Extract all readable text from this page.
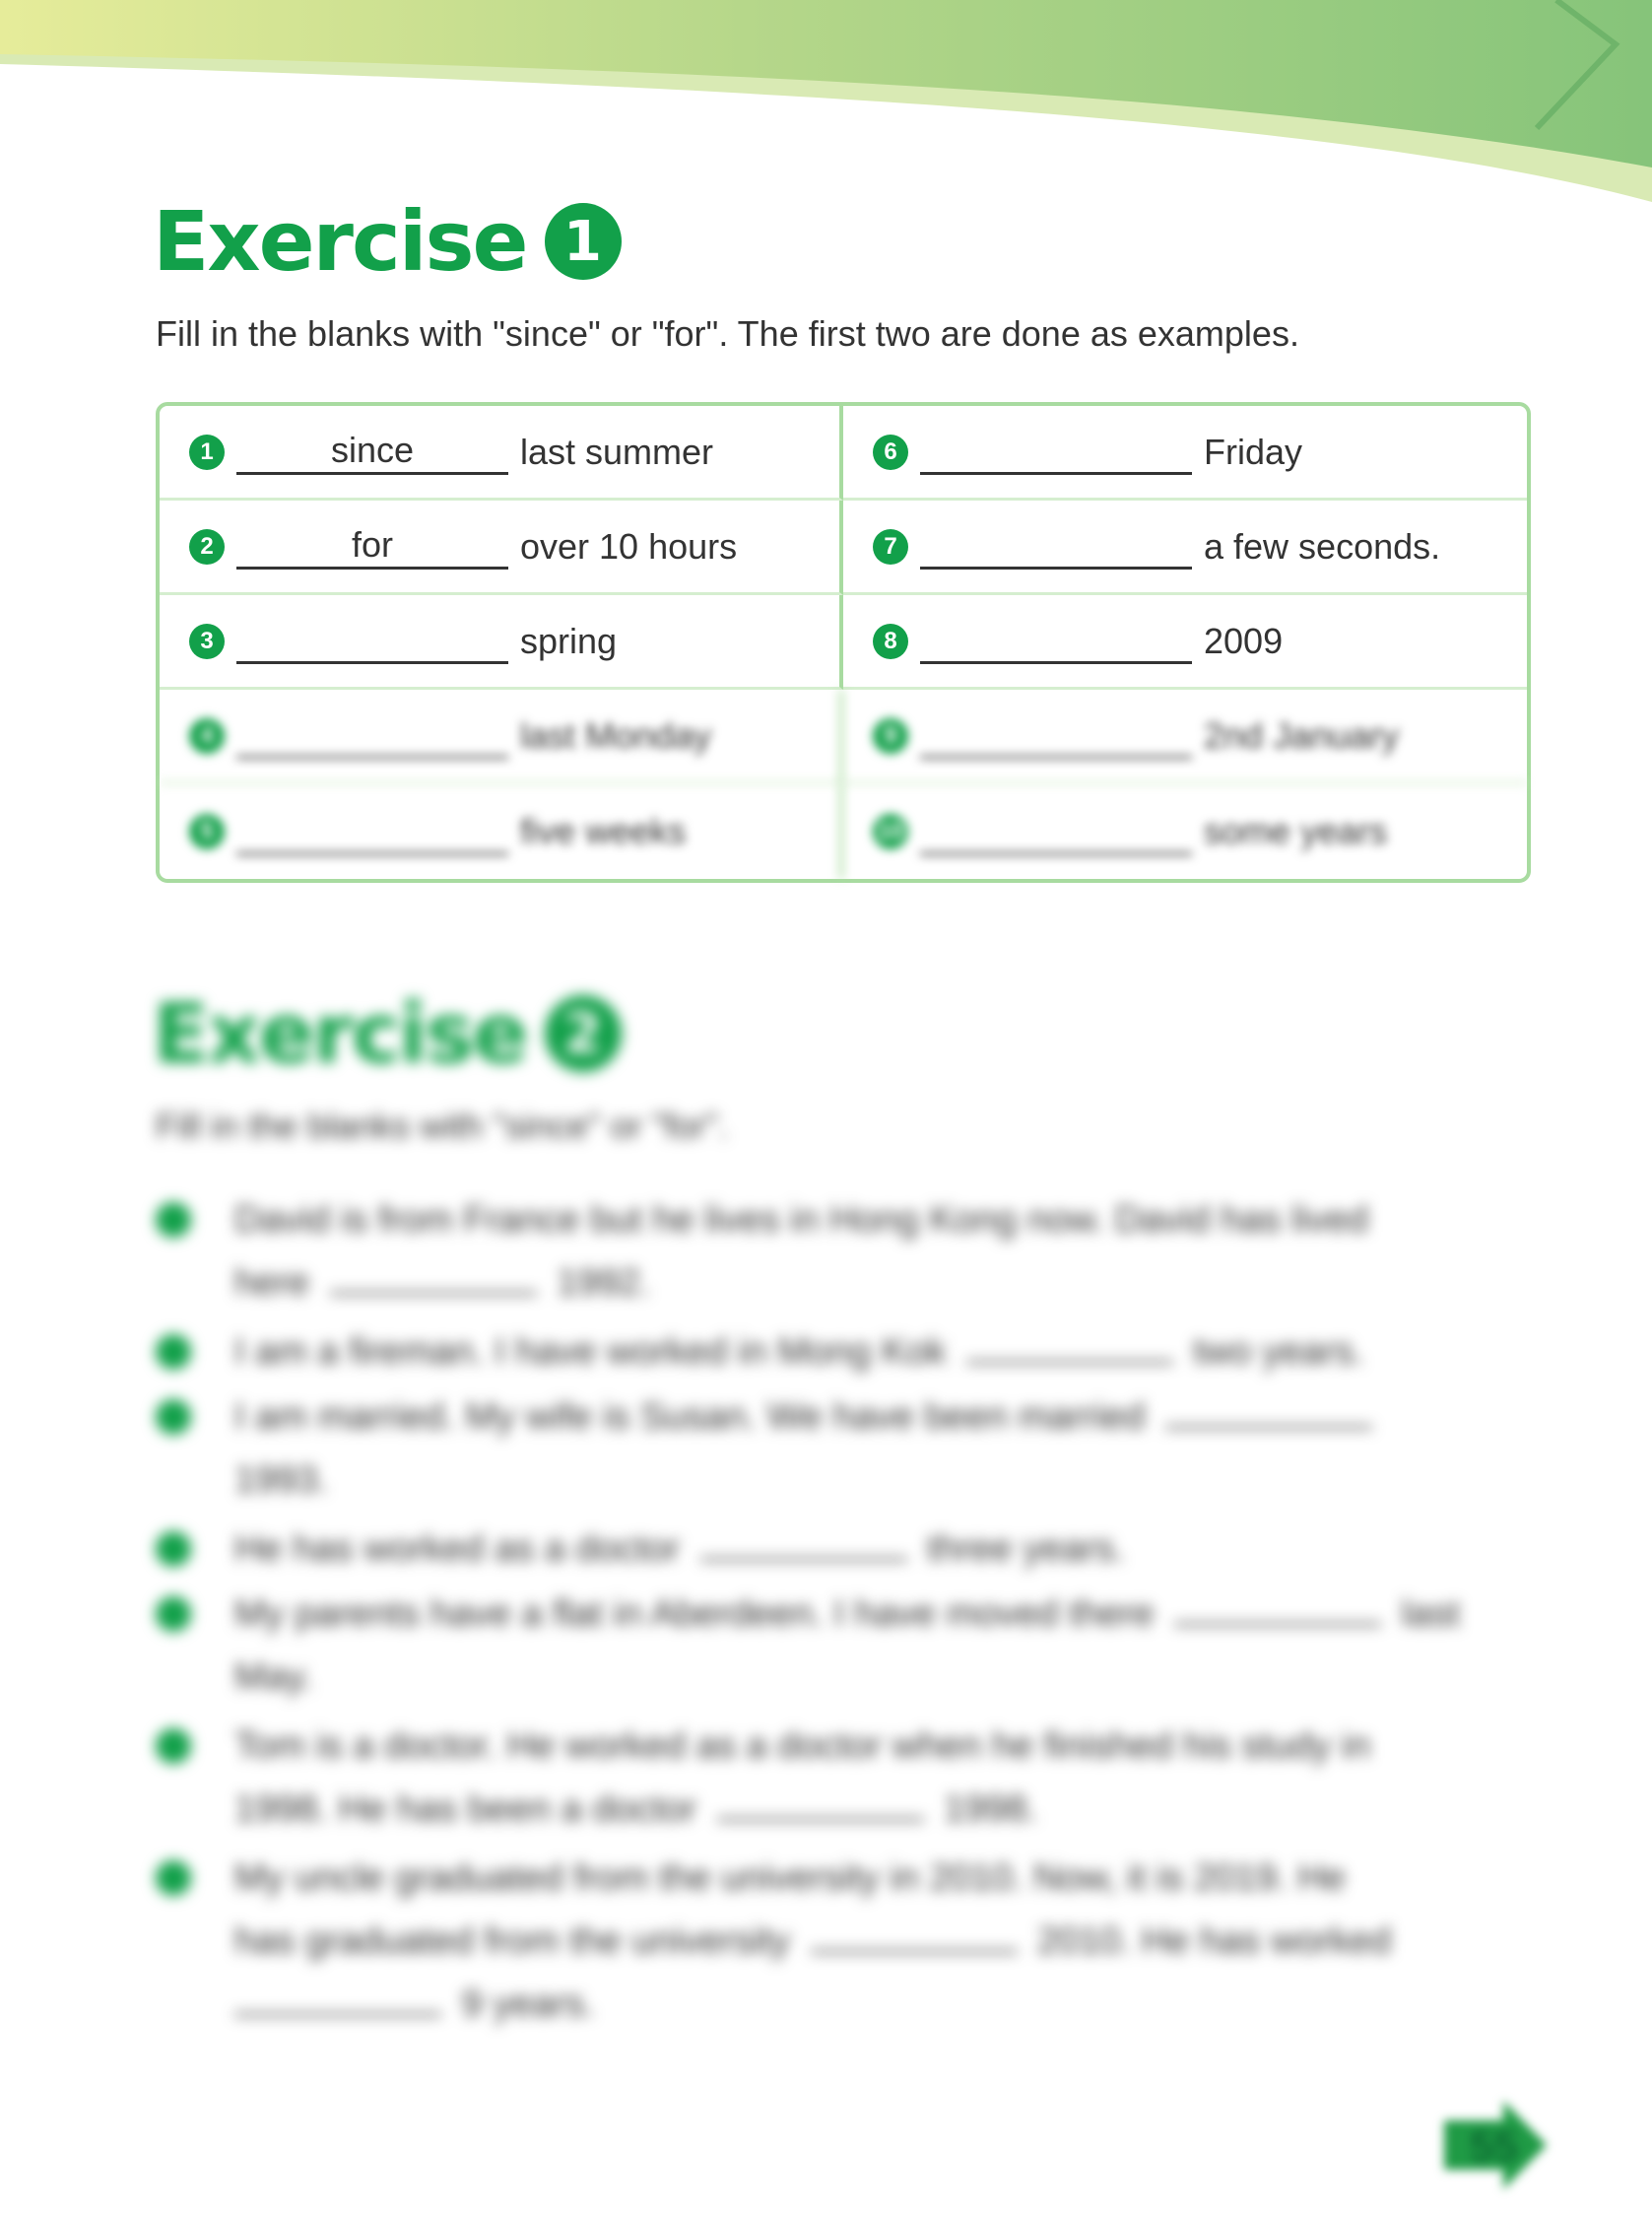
Exercise 1
Fill in the blanks with "since" or "for". The first two are done as examples.
1	since	last summer	6	Friday
2	for	over 10 hours	7	a few seconds.
3	spring	8	2009
4	last Monday	9	2nd January
5	five weeks	10	some years
Exercise 2
Fill in the blanks with "since" or "for".
David is from France but he lives in Hong Kong now. David has lived
here	1992.
I am a fireman. I have worked in Mong Kok	two years.
I am married. My wife is Susan. We have been married
1993.
He has worked as a doctor	three years.
My parents have a flat in Aberdeen. I have moved there	last
May.
Tom is a doctor. He worked as a doctor when he finished his study in
1998. He has been a doctor	1998.
My uncle graduated from the university in 2010. Now, it is 2019. He
has graduated from the university	2010. He has worked
9 years.
55
